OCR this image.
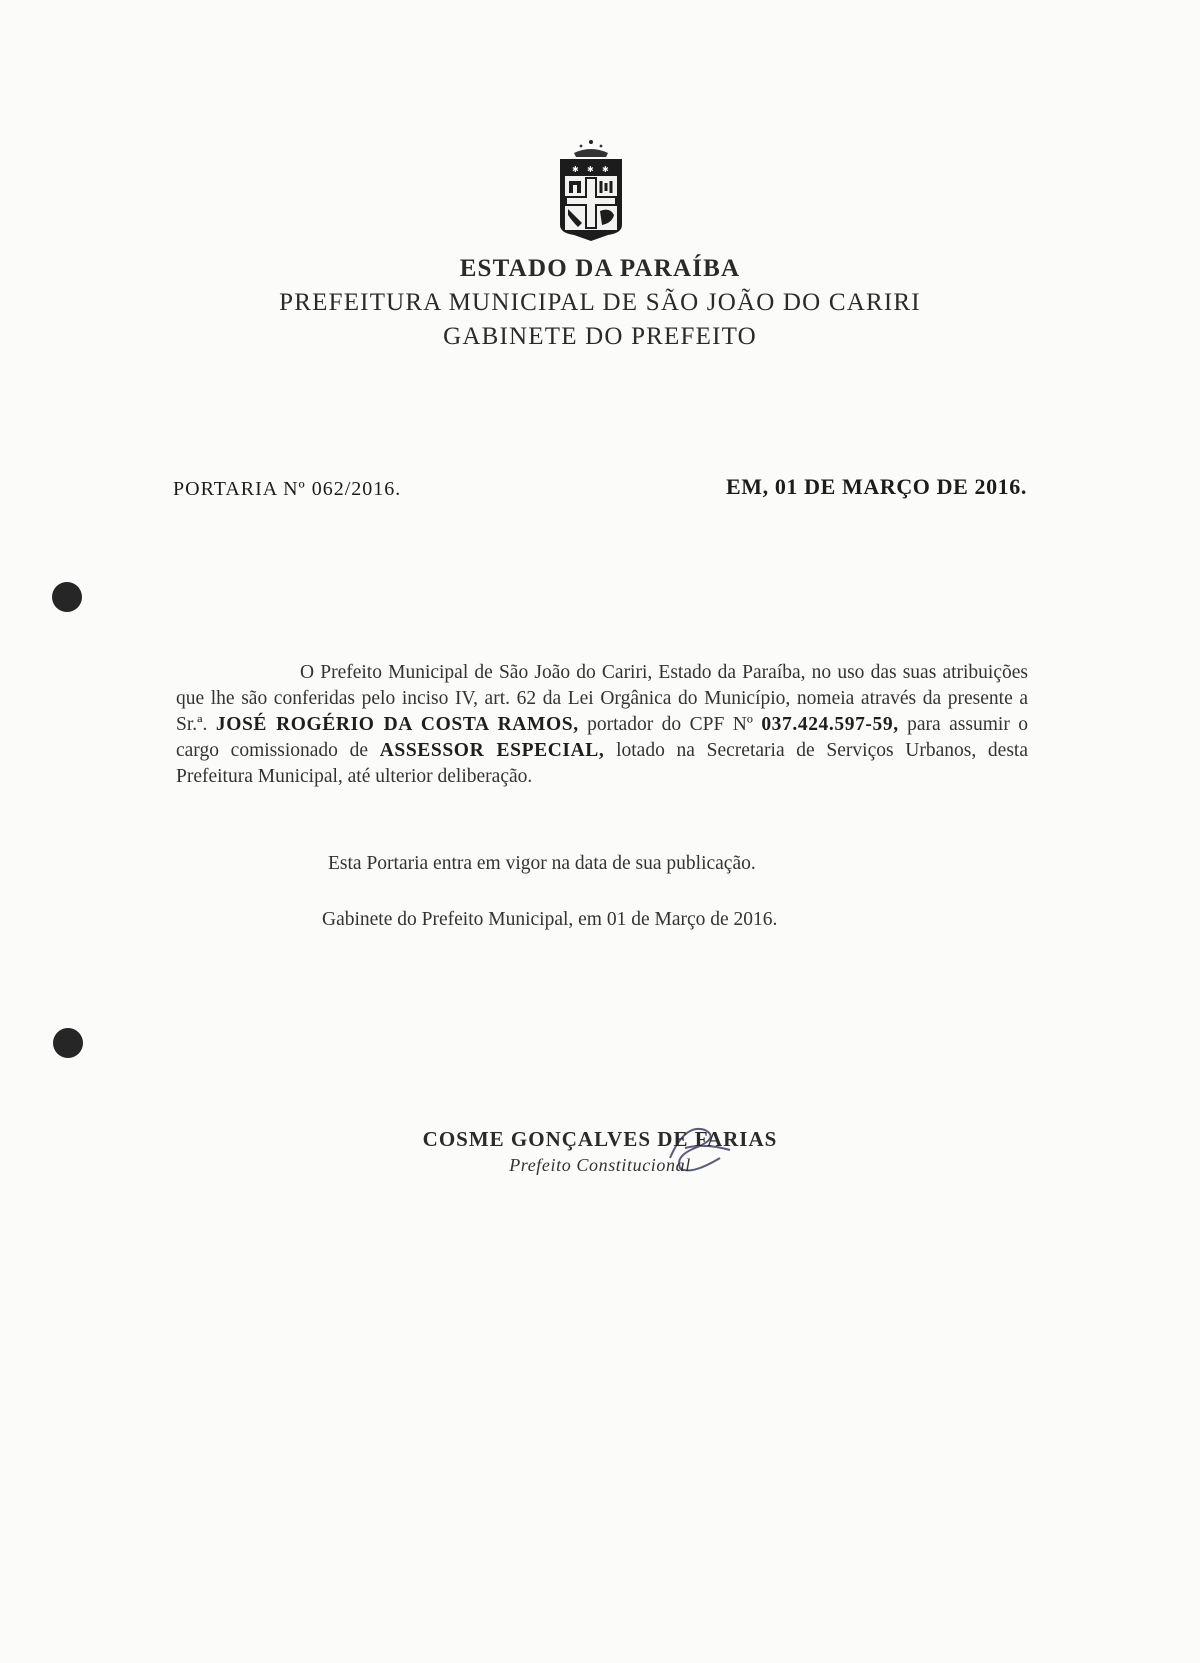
✱ ✱ ✱
ESTADO DA PARAÍBA
PREFEITURA MUNICIPAL DE SÃO JOÃO DO CARIRI
GABINETE DO PREFEITO
PORTARIA Nº 062/2016.	EM, 01 DE MARÇO DE 2016.
O Prefeito Municipal de São João do Cariri, Estado da Paraíba, no uso das suas atribuições que lhe são conferidas pelo inciso IV, art. 62 da Lei Orgânica do Município, nomeia através da presente a Sr.ª. JOSÉ ROGÉRIO DA COSTA RAMOS, portador do CPF Nº 037.424.597-59, para assumir o cargo comissionado de ASSESSOR ESPECIAL, lotado na Secretaria de Serviços Urbanos, desta Prefeitura Municipal, até ulterior deliberação.
Esta Portaria entra em vigor na data de sua publicação.
Gabinete do Prefeito Municipal, em 01 de Março de 2016.
COSME GONÇALVES DE FARIAS
Prefeito Constitucional
